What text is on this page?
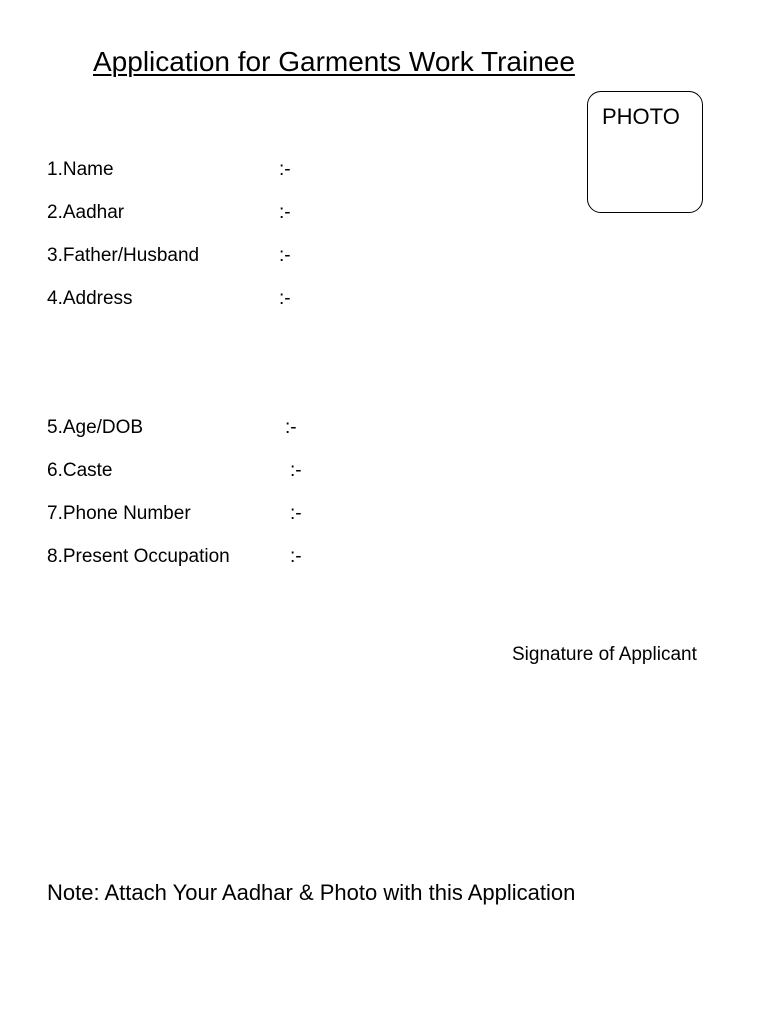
Application for Garments Work Trainee
PHOTO
1.Name	:-
2.Aadhar	:-
3.Father/Husband	:-
4.Address	:-
5.Age/DOB	:-
6.Caste	:-
7.Phone Number	:-
8.Present Occupation	:-
Signature of Applicant
Note: Attach Your Aadhar & Photo with this Application
